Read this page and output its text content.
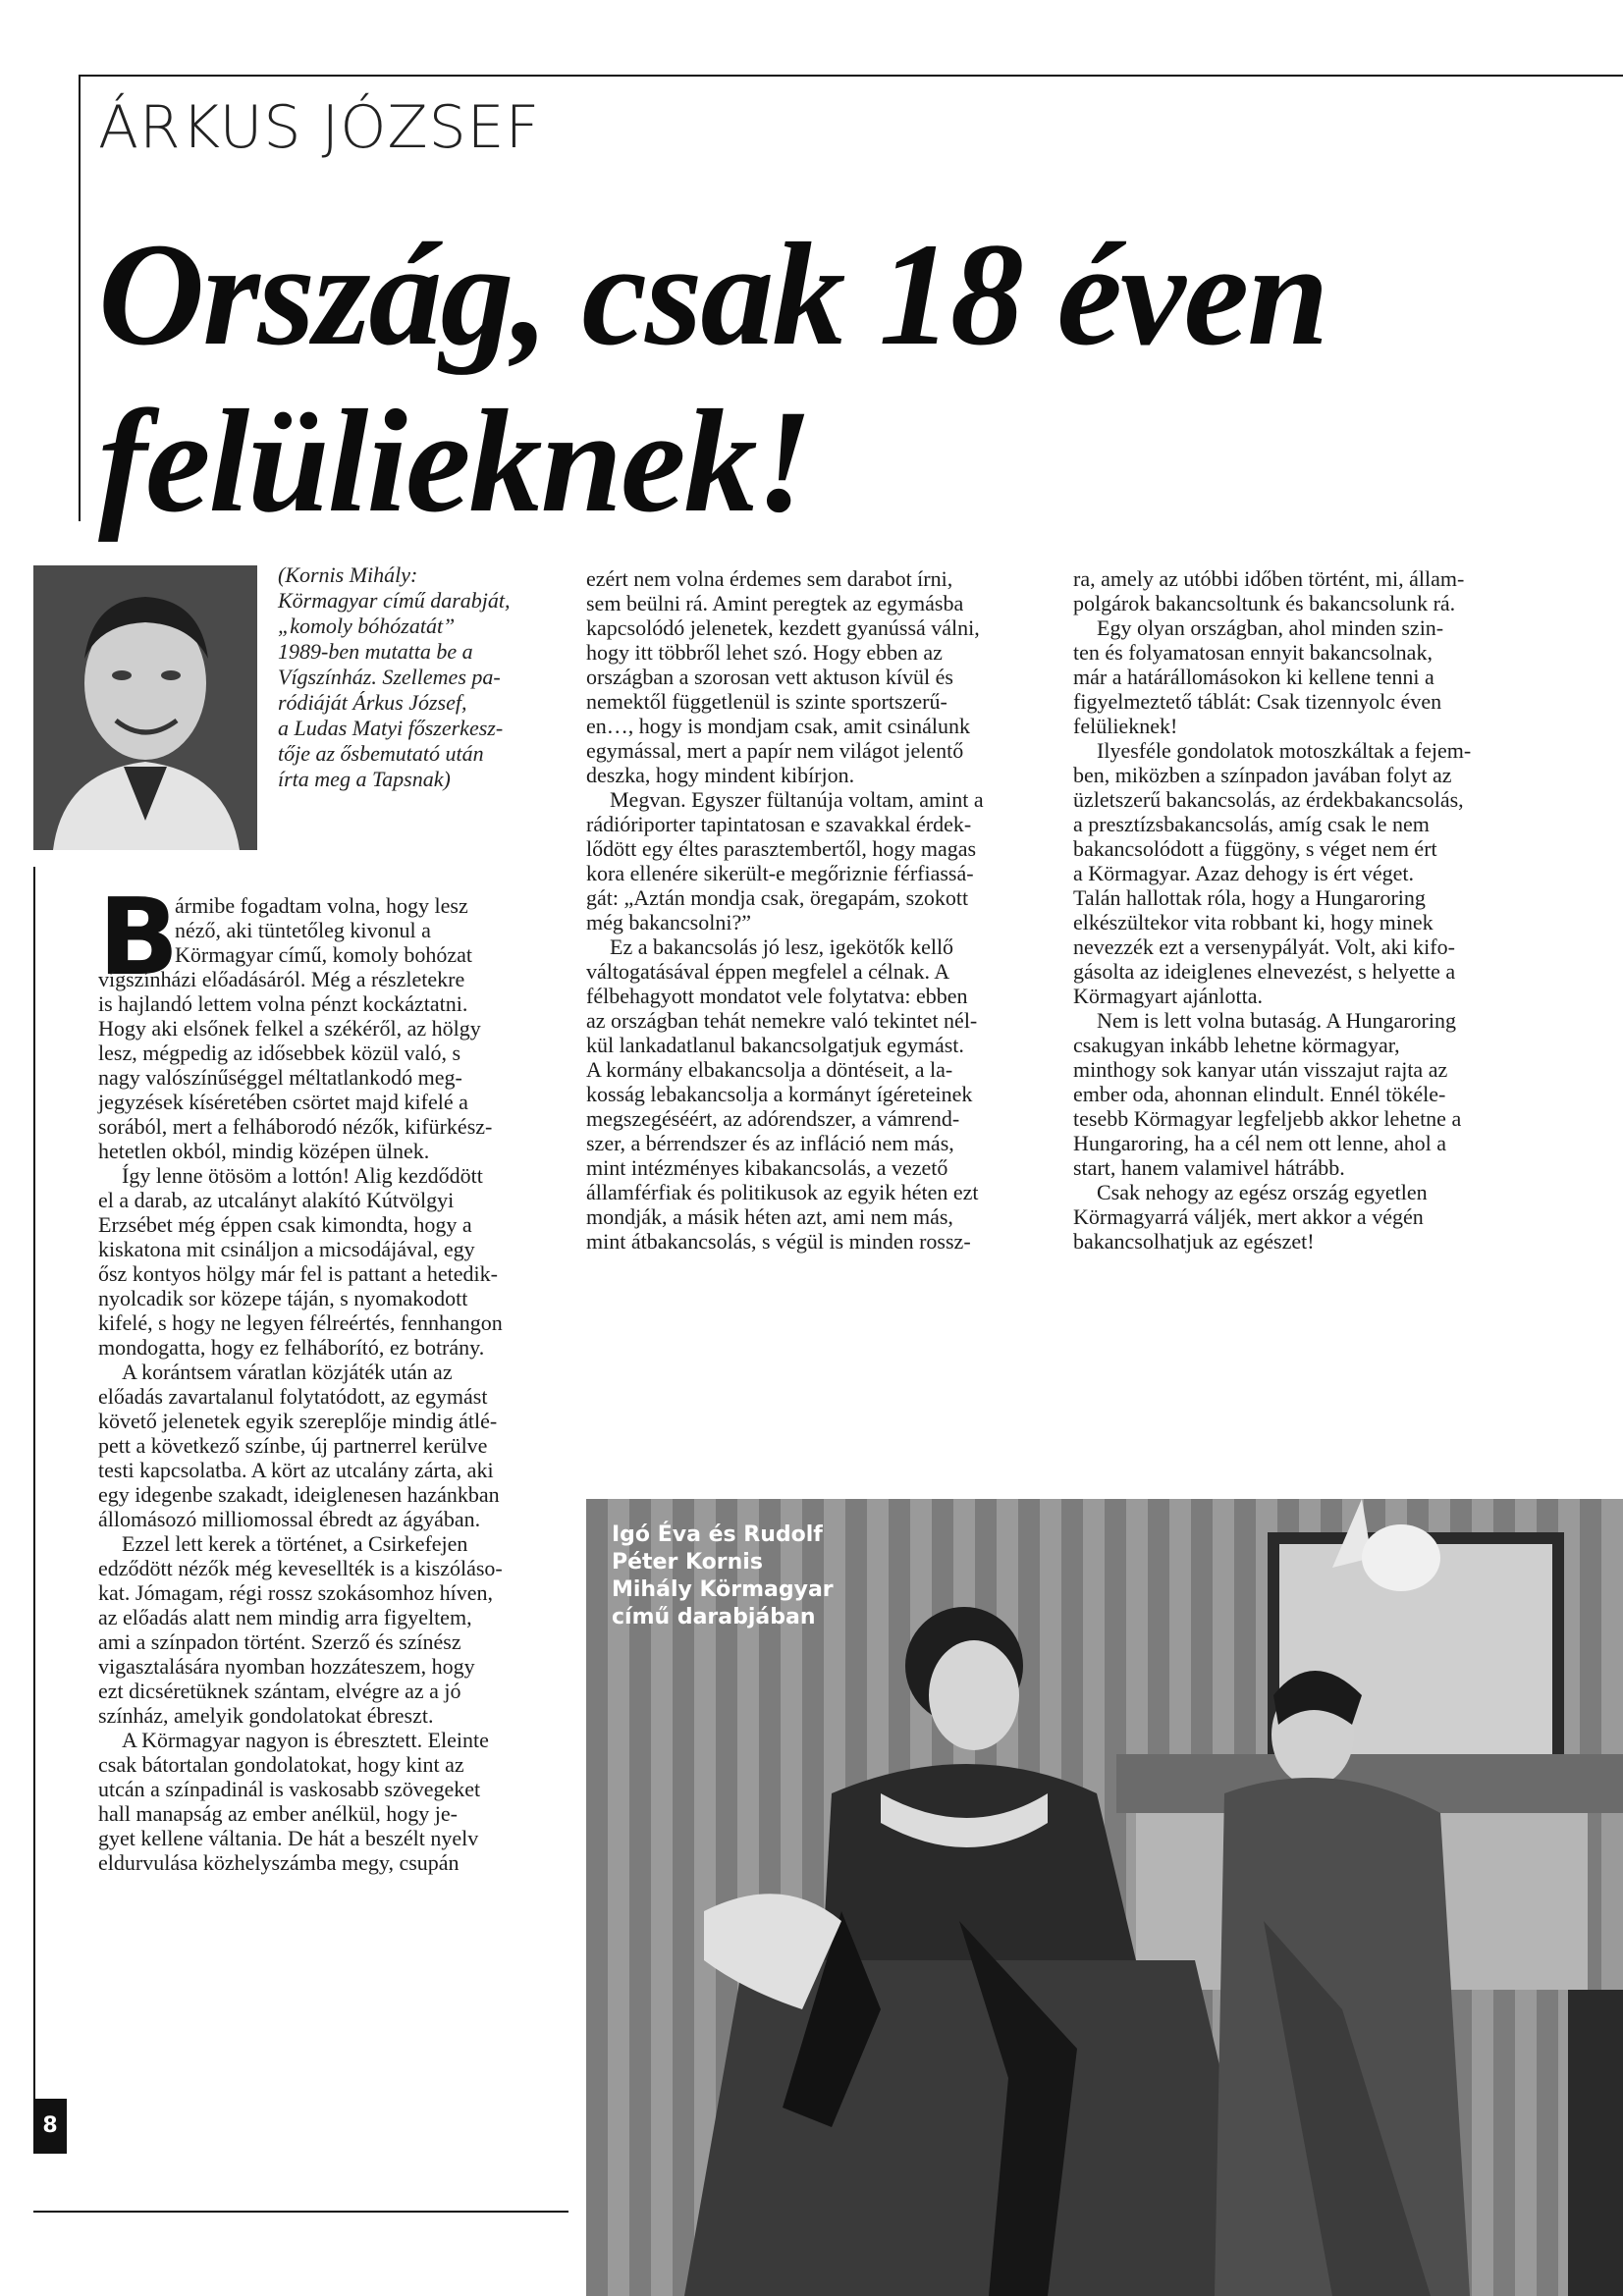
ÁRKUS JÓZSEF
Ország, csak 18 éven
felülieknek!
(Kornis Mihály:
Körmagyar című darabját,
„komoly bóhózatát”
1989-ben mutatta be a
Vígszínház. Szellemes pa-
ródiáját Árkus József,
a Ludas Matyi főszerkesz-
tője az ősbemutató után
írta meg a Tapsnak)
B
ármibe fogadtam volna, hogy lesz
néző, aki tüntetőleg kivonul a
Körmagyar című, komoly bohózat
vígszínházi előadásáról. Még a részletekre
is hajlandó lettem volna pénzt kockáztatni.
Hogy aki elsőnek felkel a székéről, az hölgy
lesz, mégpedig az idősebbek közül való, s
nagy valószínűséggel méltatlankodó meg-
jegyzések kíséretében csörtet majd kifelé a
sorából, mert a felháborodó nézők, kifürkész-
hetetlen okból, mindig középen ülnek.
Így lenne ötösöm a lottón! Alig kezdődött
el a darab, az utcalányt alakító Kútvölgyi
Erzsébet még éppen csak kimondta, hogy a
kiskatona mit csináljon a micsodájával, egy
ősz kontyos hölgy már fel is pattant a hetedik-
nyolcadik sor közepe táján, s nyomakodott
kifelé, s hogy ne legyen félreértés, fennhangon
mondogatta, hogy ez felháborító, ez botrány.
A korántsem váratlan közjáték után az
előadás zavartalanul folytatódott, az egymást
követő jelenetek egyik szereplője mindig átlé-
pett a következő színbe, új partnerrel kerülve
testi kapcsolatba. A kört az utcalány zárta, aki
egy idegenbe szakadt, ideiglenesen hazánkban
állomásozó milliomossal ébredt az ágyában.
Ezzel lett kerek a történet, a Csirkefejen
edződött nézők még kevesellték is a kiszóláso-
kat. Jómagam, régi rossz szokásomhoz híven,
az előadás alatt nem mindig arra figyeltem,
ami a színpadon történt. Szerző és színész
vigasztalására nyomban hozzáteszem, hogy
ezt dicséretüknek szántam, elvégre az a jó
színház, amelyik gondolatokat ébreszt.
A Körmagyar nagyon is ébresztett. Eleinte
csak bátortalan gondolatokat, hogy kint az
utcán a színpadinál is vaskosabb szövegeket
hall manapság az ember anélkül, hogy je-
gyet kellene váltania. De hát a beszélt nyelv
eldurvulása közhelyszámba megy, csupán
ezért nem volna érdemes sem darabot írni,
sem beülni rá. Amint peregtek az egymásba
kapcsolódó jelenetek, kezdett gyanússá válni,
hogy itt többről lehet szó. Hogy ebben az
országban a szorosan vett aktuson kívül és
nemektől függetlenül is szinte sportszerű-
en…, hogy is mondjam csak, amit csinálunk
egymással, mert a papír nem világot jelentő
deszka, hogy mindent kibírjon.
Megvan. Egyszer fültanúja voltam, amint a
rádióriporter tapintatosan e szavakkal érdek-
lődött egy éltes parasztembertől, hogy magas
kora ellenére sikerült-e megőriznie férfiassá-
gát: „Aztán mondja csak, öregapám, szokott
még bakancsolni?”
Ez a bakancsolás jó lesz, igekötők kellő
váltogatásával éppen megfelel a célnak. A
félbehagyott mondatot vele folytatva: ebben
az országban tehát nemekre való tekintet nél-
kül lankadatlanul bakancsolgatjuk egymást.
A kormány elbakancsolja a döntéseit, a la-
kosság lebakancsolja a kormányt ígéreteinek
megszegéséért, az adórendszer, a vámrend-
szer, a bérrendszer és az infláció nem más,
mint intézményes kibakancsolás, a vezető
államférfiak és politikusok az egyik héten ezt
mondják, a másik héten azt, ami nem más,
mint átbakancsolás, s végül is minden rossz-
ra, amely az utóbbi időben történt, mi, állam-
polgárok bakancsoltunk és bakancsolunk rá.
Egy olyan országban, ahol minden szin-
ten és folyamatosan ennyit bakancsolnak,
már a határállomásokon ki kellene tenni a
figyelmeztető táblát: Csak tizennyolc éven
felülieknek!
Ilyesféle gondolatok motoszkáltak a fejem-
ben, miközben a színpadon javában folyt az
üzletszerű bakancsolás, az érdekbakancsolás,
a presztízsbakancsolás, amíg csak le nem
bakancsolódott a függöny, s véget nem ért
a Körmagyar. Azaz dehogy is ért véget.
Talán hallottak róla, hogy a Hungaroring
elkészültekor vita robbant ki, hogy minek
nevezzék ezt a versenypályát. Volt, aki kifo-
gásolta az ideiglenes elnevezést, s helyette a
Körmagyart ajánlotta.
Nem is lett volna butaság. A Hungaroring
csakugyan inkább lehetne körmagyar,
minthogy sok kanyar után visszajut rajta az
ember oda, ahonnan elindult. Ennél tökéle-
tesebb Körmagyar legfeljebb akkor lehetne a
Hungaroring, ha a cél nem ott lenne, ahol a
start, hanem valamivel hátrább.
Csak nehogy az egész ország egyetlen
Körmagyarrá váljék, mert akkor a végén
bakancsolhatjuk az egészet!
8
Igó Éva és Rudolf
Péter Kornis
Mihály Körmagyar
című darabjában
